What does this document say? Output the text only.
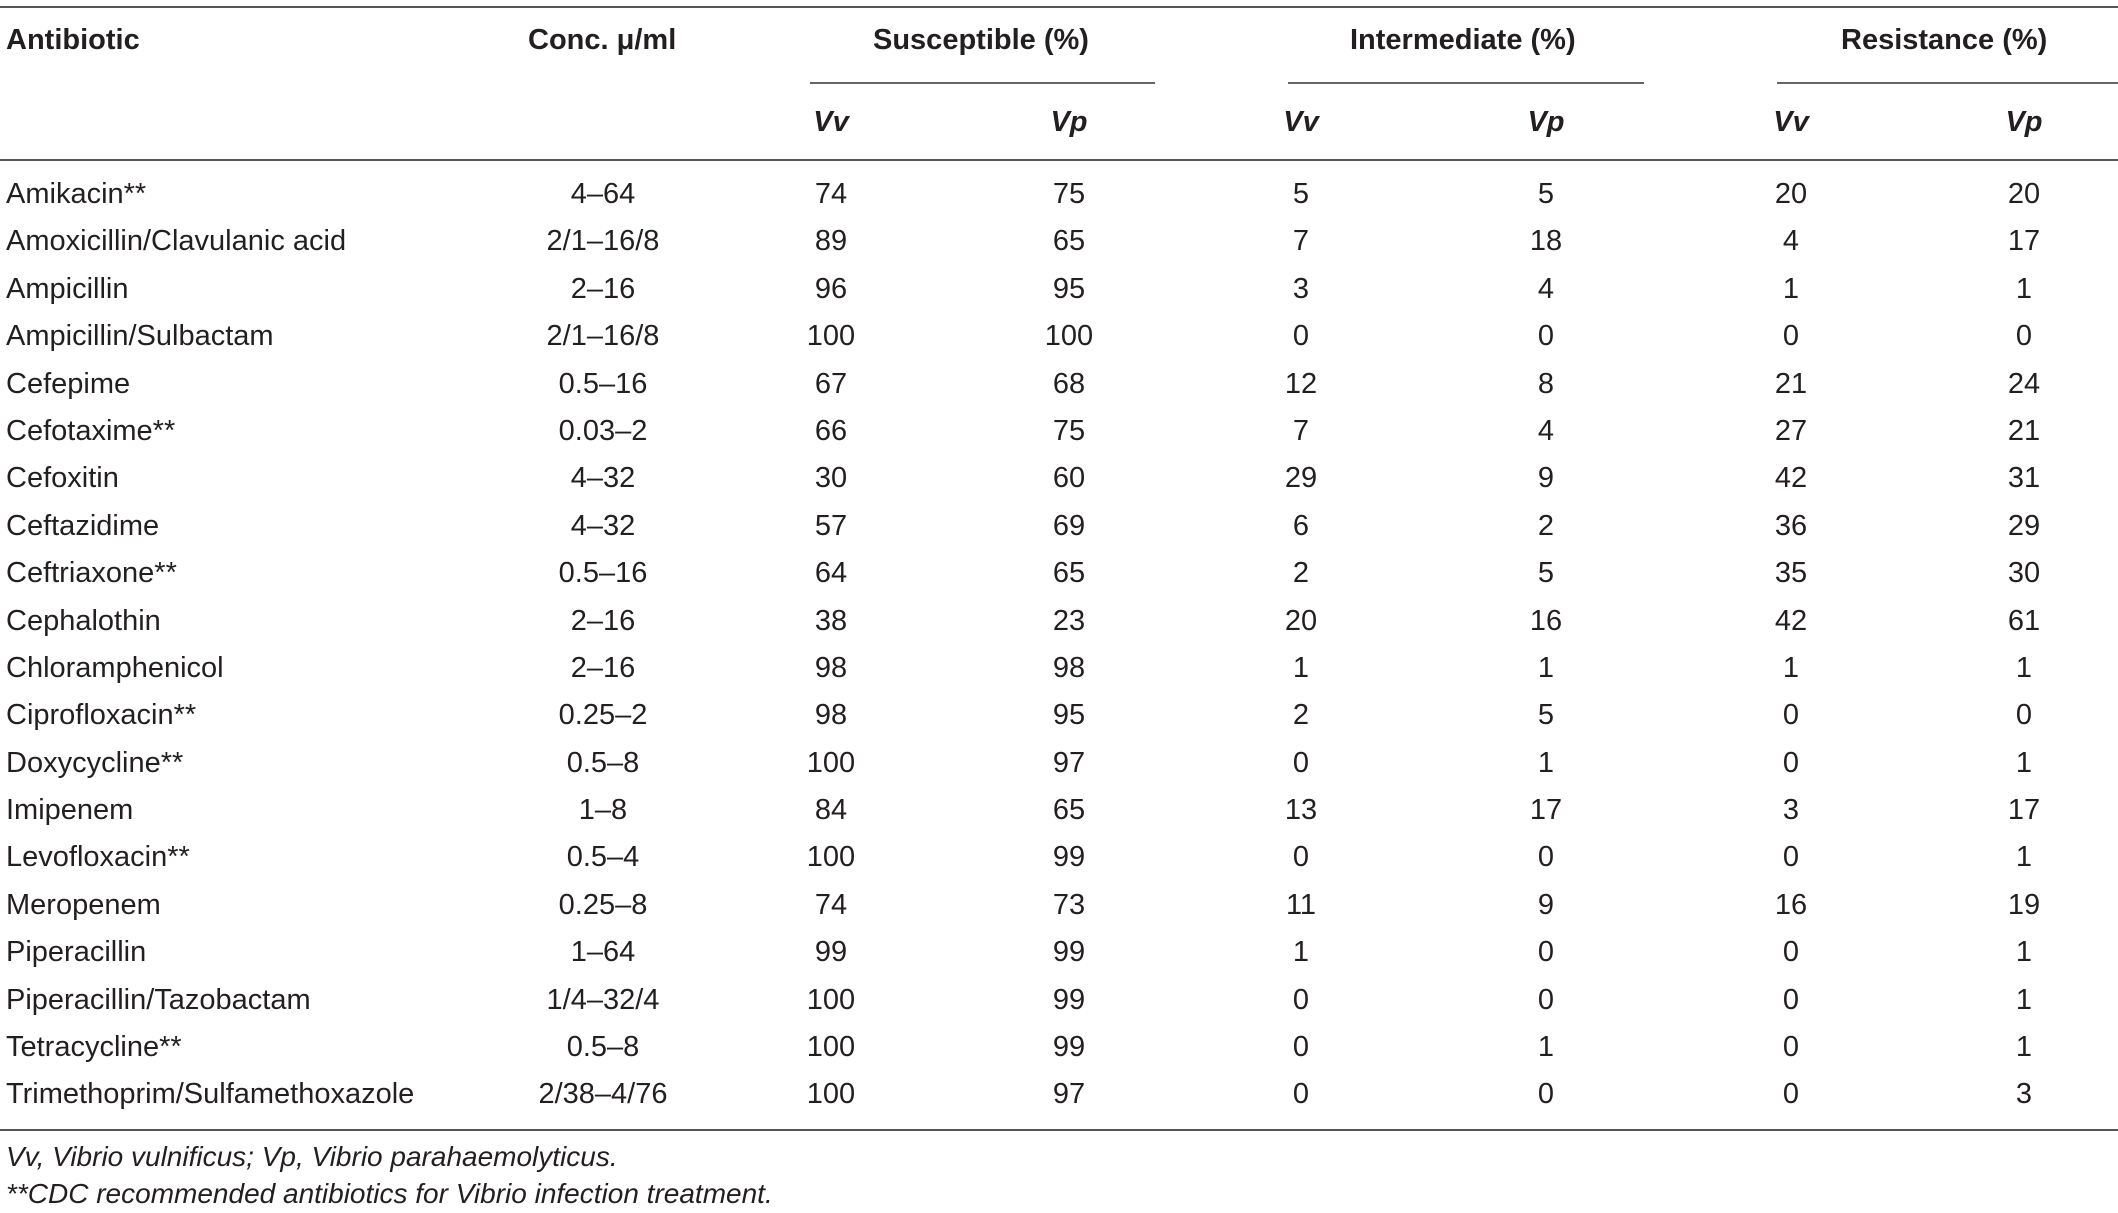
Antibiotic	Conc. μ/ml	Susceptible (%)	Intermediate (%)	Resistance (%)
Vv	Vp	Vv	Vp	Vv	Vp
Amikacin**	4–64	74	75	5	5	20	20
Amoxicillin/Clavulanic acid	2/1–16/8	89	65	7	18	4	17
Ampicillin	2–16	96	95	3	4	1	1
Ampicillin/Sulbactam	2/1–16/8	100	100	0	0	0	0
Cefepime	0.5–16	67	68	12	8	21	24
Cefotaxime**	0.03–2	66	75	7	4	27	21
Cefoxitin	4–32	30	60	29	9	42	31
Ceftazidime	4–32	57	69	6	2	36	29
Ceftriaxone**	0.5–16	64	65	2	5	35	30
Cephalothin	2–16	38	23	20	16	42	61
Chloramphenicol	2–16	98	98	1	1	1	1
Ciprofloxacin**	0.25–2	98	95	2	5	0	0
Doxycycline**	0.5–8	100	97	0	1	0	1
Imipenem	1–8	84	65	13	17	3	17
Levofloxacin**	0.5–4	100	99	0	0	0	1
Meropenem	0.25–8	74	73	11	9	16	19
Piperacillin	1–64	99	99	1	0	0	1
Piperacillin/Tazobactam	1/4–32/4	100	99	0	0	0	1
Tetracycline**	0.5–8	100	99	0	1	0	1
Trimethoprim/Sulfamethoxazole	2/38–4/76	100	97	0	0	0	3
Vv, Vibrio vulnificus; Vp, Vibrio parahaemolyticus.
**CDC recommended antibiotics for Vibrio infection treatment.
